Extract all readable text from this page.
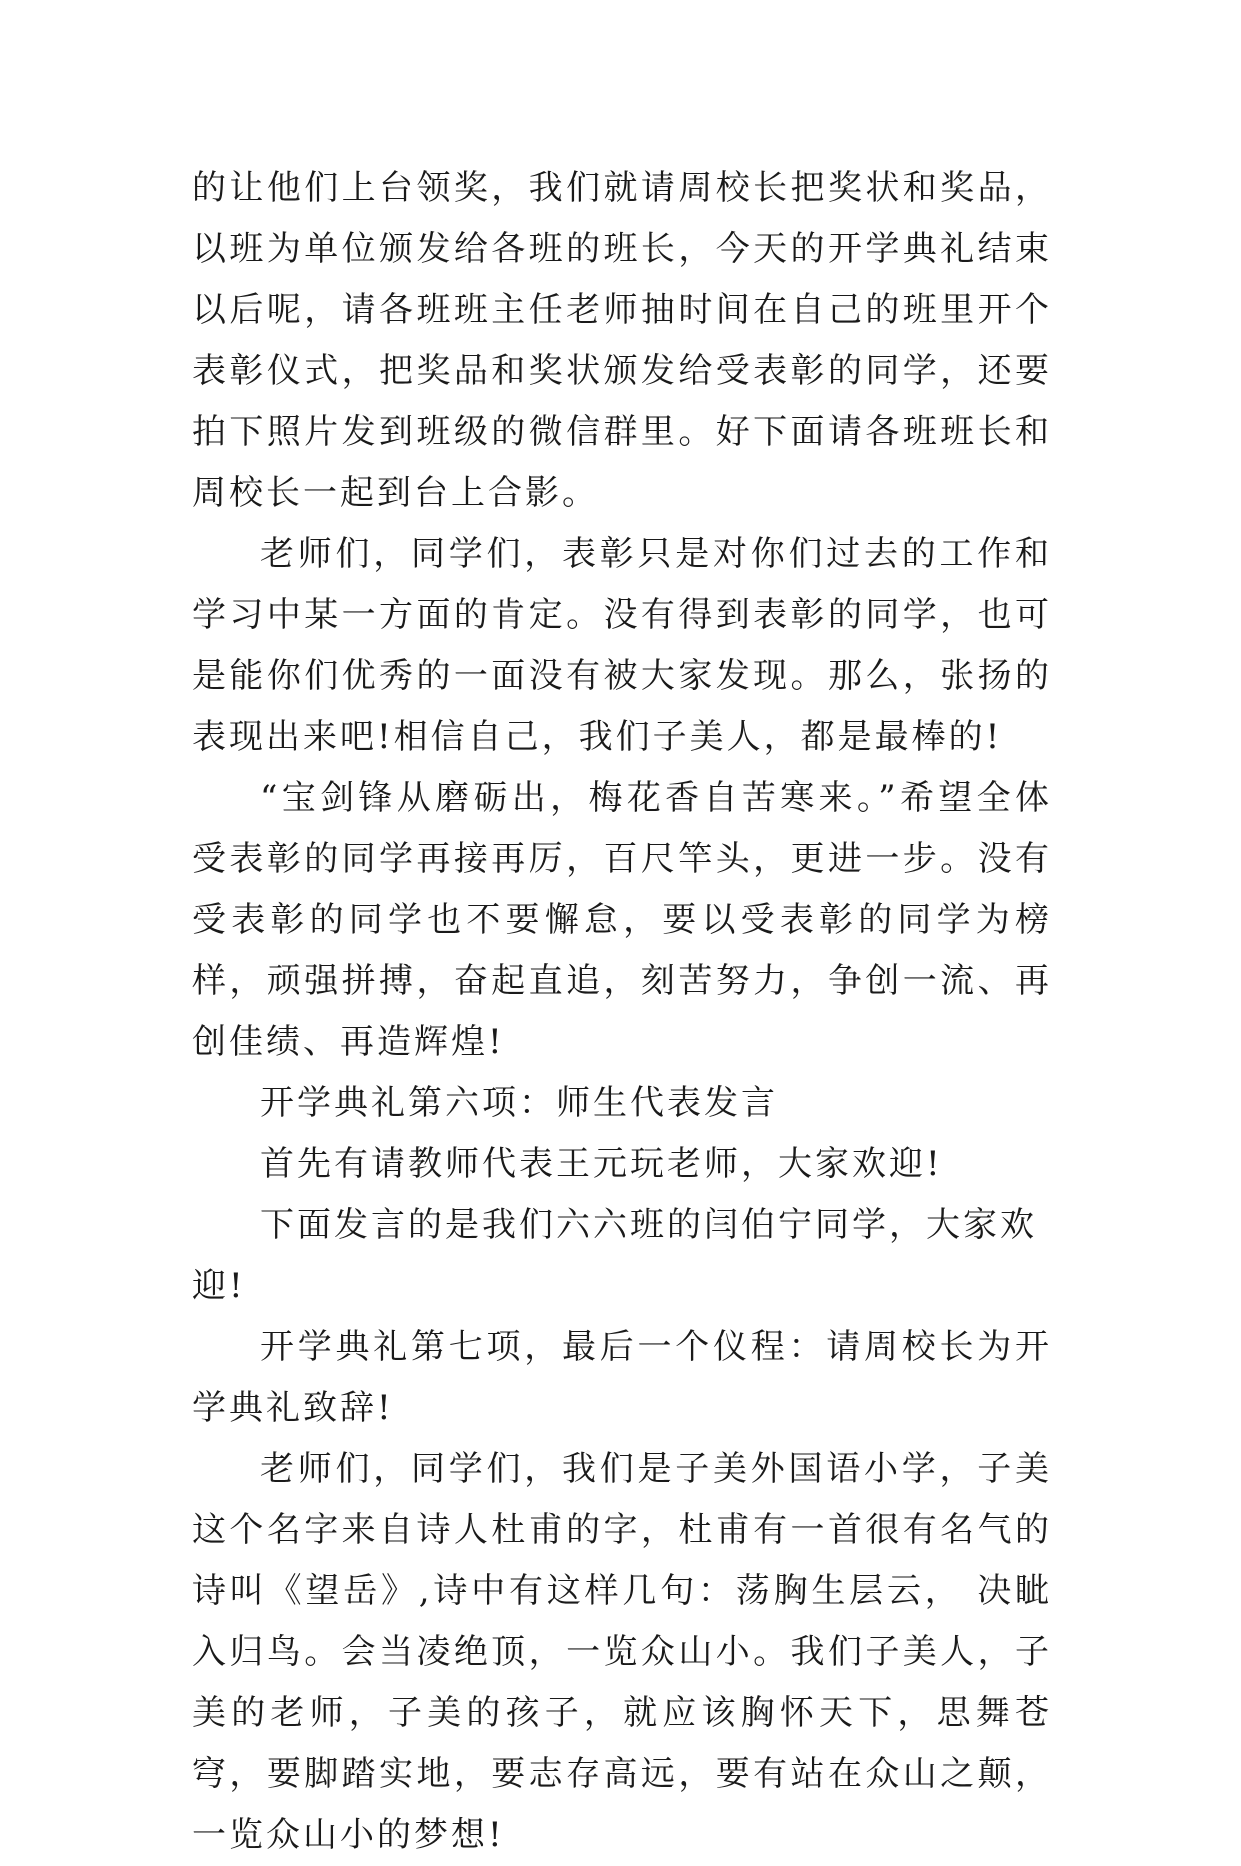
的让他们上台领奖，我们就请周校长把奖状和奖品，以班为单位颁发给各班的班长，今天的开学典礼结束以后呢，请各班班主任老师抽时间在自己的班里开个表彰仪式，把奖品和奖状颁发给受表彰的同学，还要拍下照片发到班级的微信群里。好下面请各班班长和周校长一起到台上合影。

老师们，同学们，表彰只是对你们过去的工作和学习中某一方面的肯定。没有得到表彰的同学，也可是能你们优秀的一面没有被大家发现。那么，张扬的表现出来吧!相信自己，我们子美人，都是最棒的!

“宝剑锋从磨砺出，梅花香自苦寒来。”希望全体受表彰的同学再接再厉，百尺竿头，更进一步。没有受表彰的同学也不要懈怠，要以受表彰的同学为榜样，顽强拼搏，奋起直追，刻苦努力，争创一流、再创佳绩、再造辉煌!

开学典礼第六项：师生代表发言

首先有请教师代表王元玩老师，大家欢迎!

下面发言的是我们六六班的闫伯宁同学，大家欢迎!

开学典礼第七项，最后一个仪程：请周校长为开学典礼致辞!

老师们，同学们，我们是子美外国语小学，子美这个名字来自诗人杜甫的字，杜甫有一首很有名气的诗叫《望岳》,诗中有这样几句：荡胸生层云， 决眦入归鸟。会当凌绝顶，一览众山小。我们子美人，子美的老师，子美的孩子，就应该胸怀天下，思舞苍穹，要脚踏实地，要志存高远，要有站在众山之颠，一览众山小的梦想!
